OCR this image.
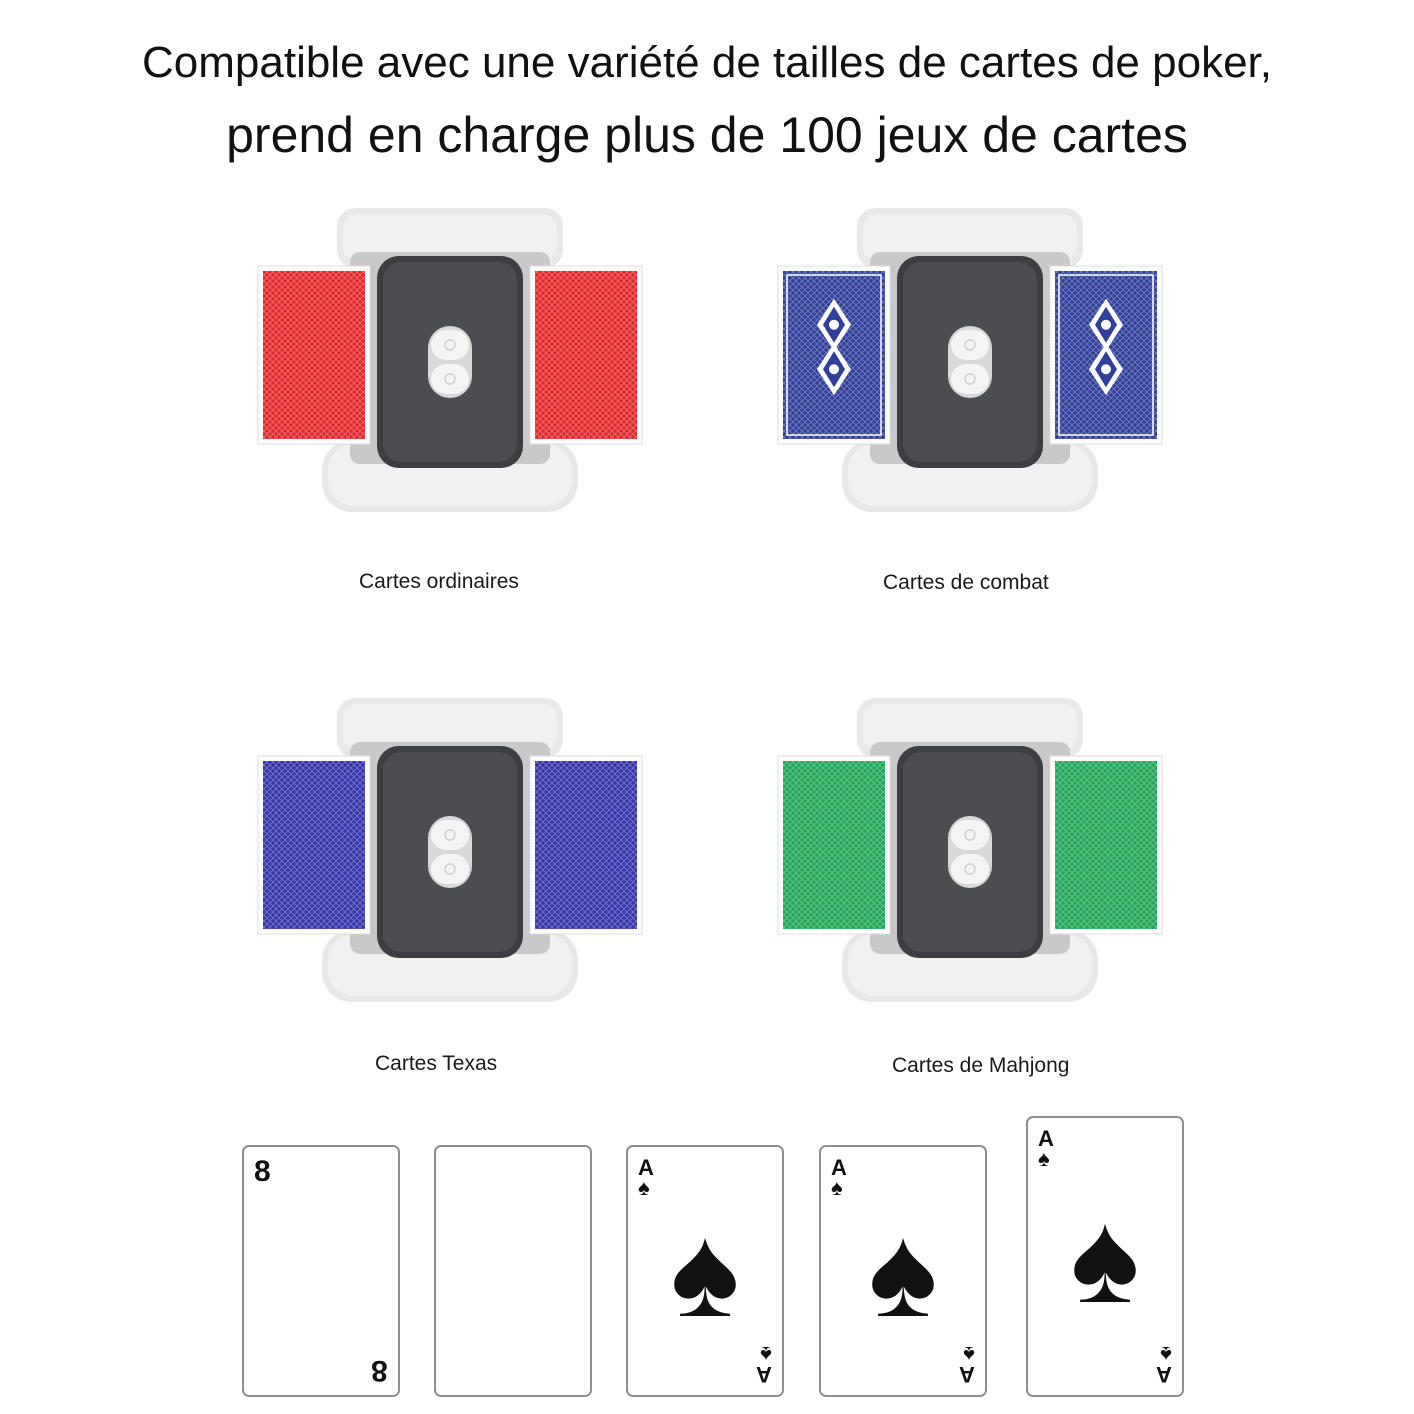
Compatible avec une variété de tailles de cartes de poker,
prend en charge plus de 100 jeux de cartes
Cartes ordinaires	Cartes de combat
Cartes Texas	Cartes de Mahjong
8
8
A
♠
♠
A
♠
A
♠
♠
A
♠
A
♠
♠
A
♠
